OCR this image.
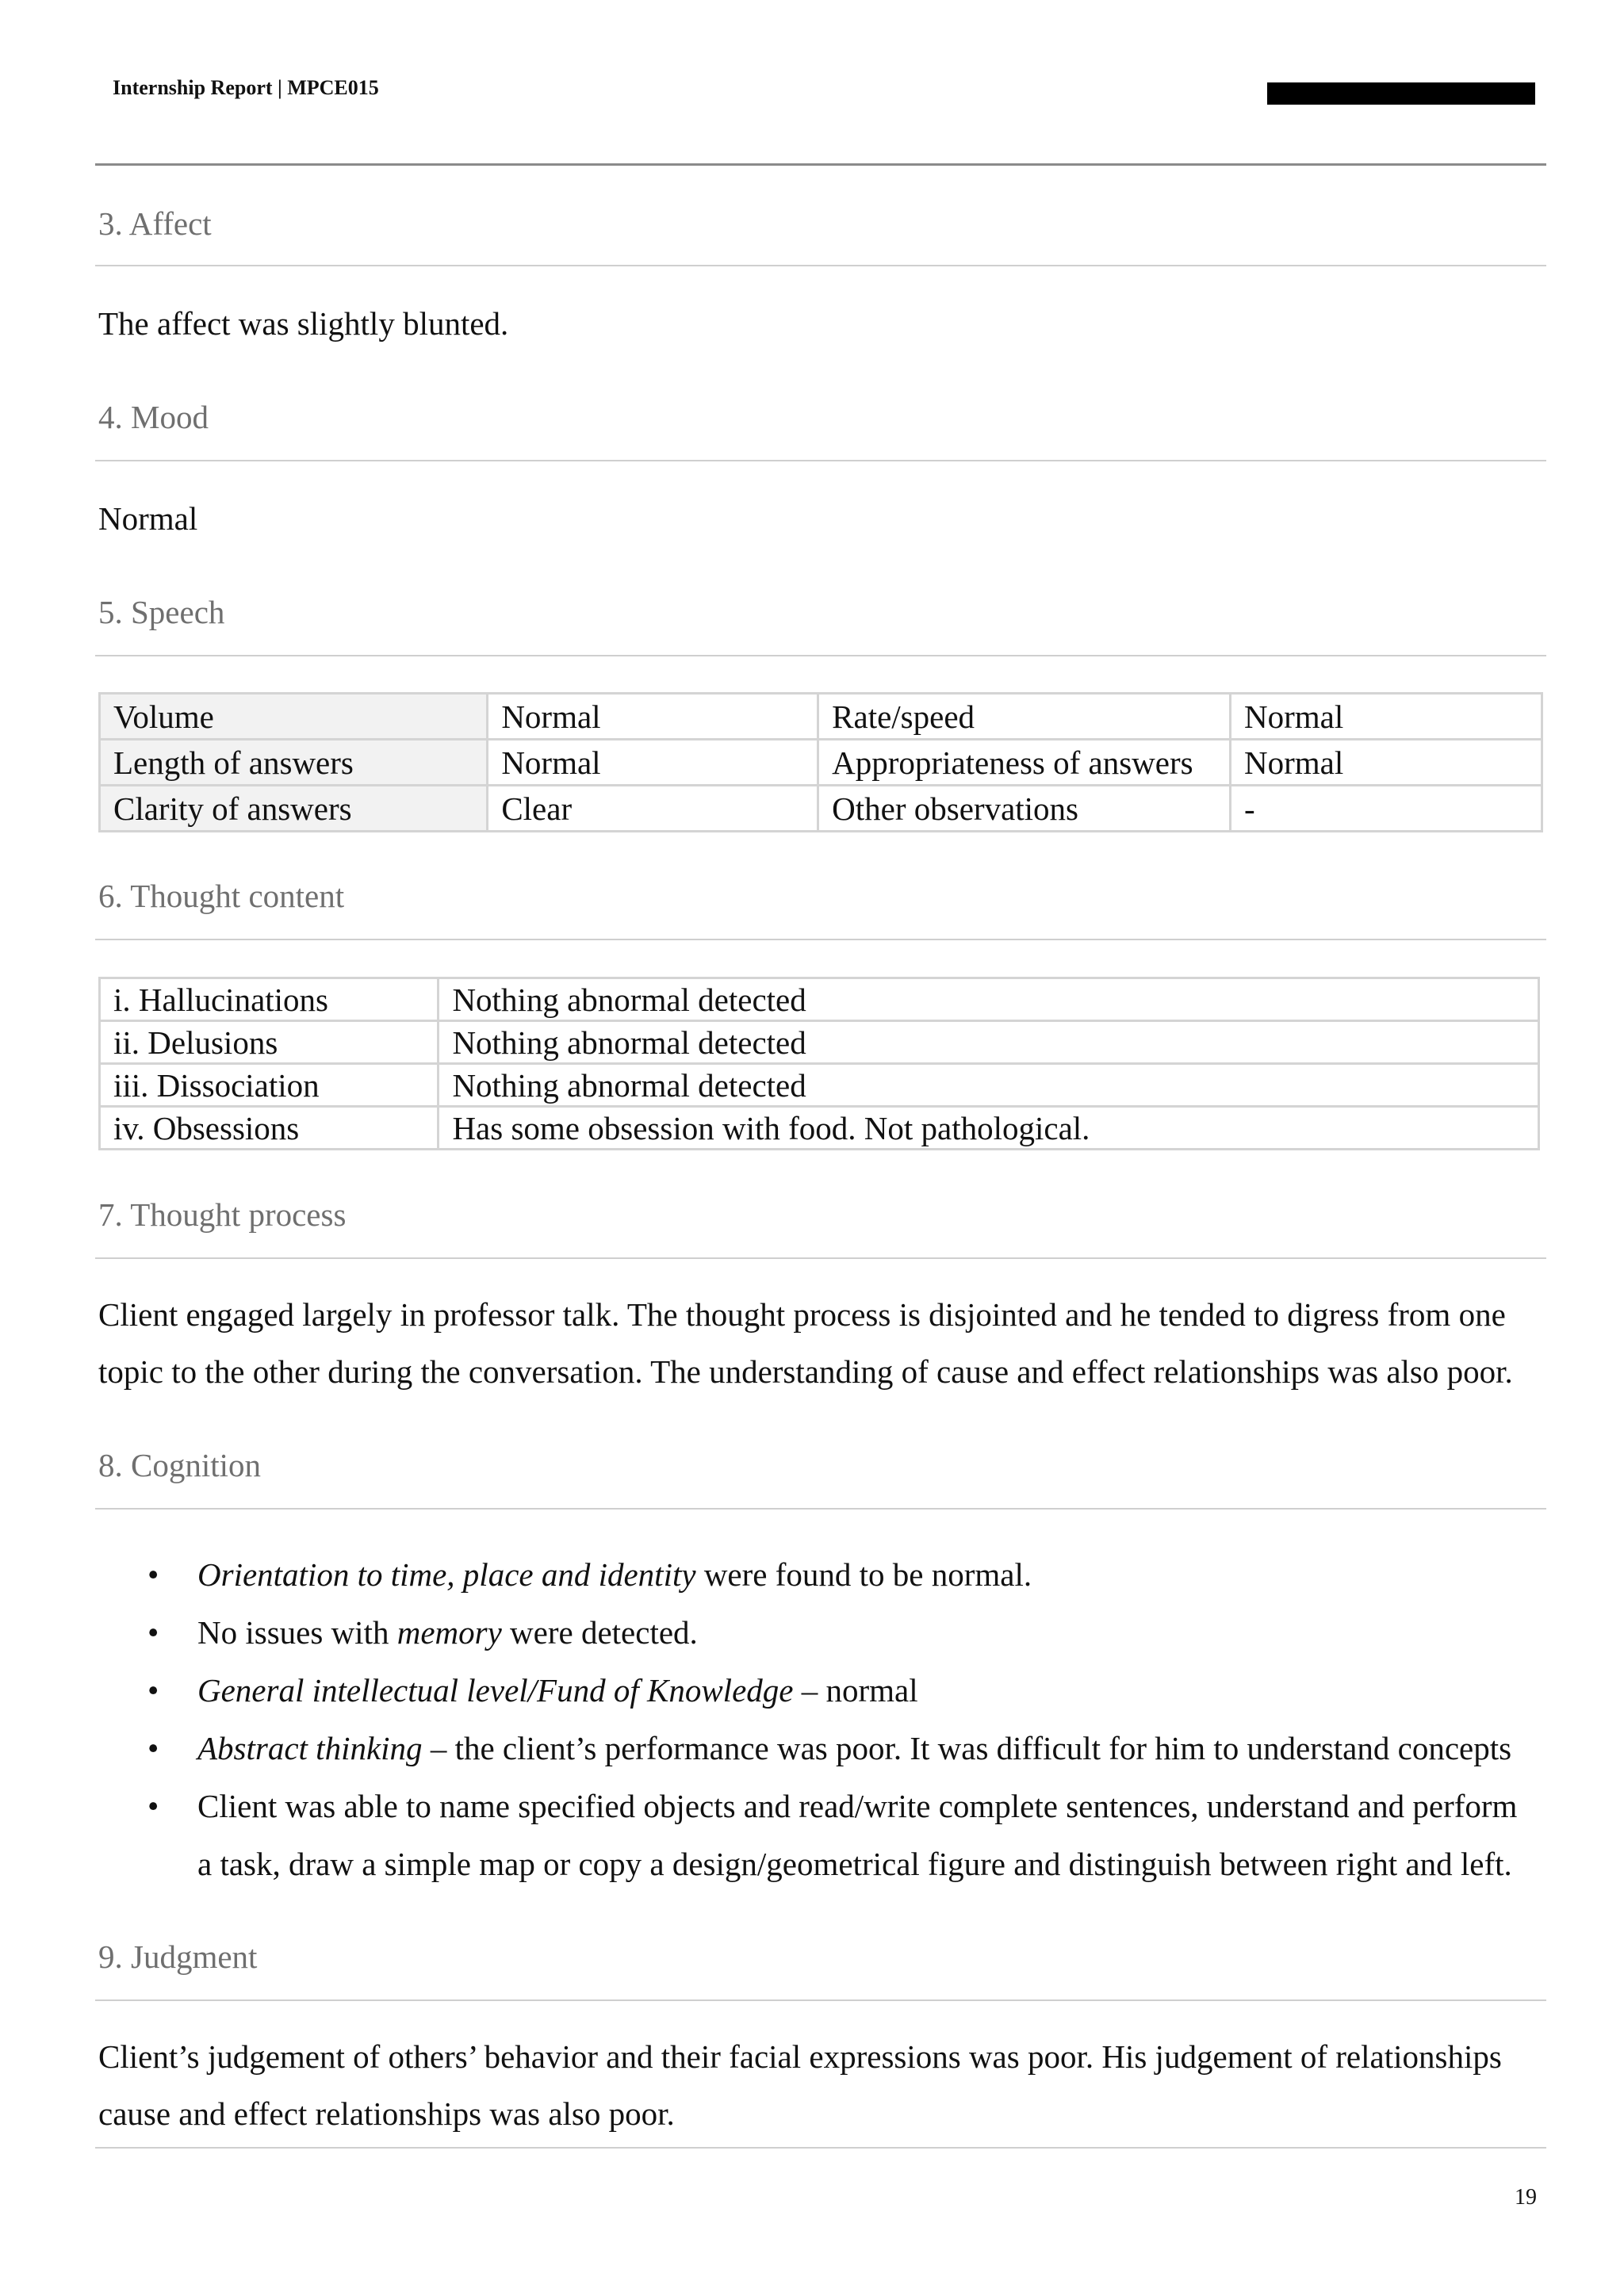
Internship Report | MPCE015
3. Affect
The affect was slightly blunted.
4. Mood
Normal
5. Speech
Volume	Normal	Rate/speed	Normal
Length of answers	Normal	Appropriateness of answers	Normal
Clarity of answers	Clear	Other observations	-
6. Thought content
i. Hallucinations	Nothing abnormal detected
ii. Delusions	Nothing abnormal detected
iii. Dissociation	Nothing abnormal detected
iv. Obsessions	Has some obsession with food. Not pathological.
7. Thought process
Client engaged largely in professor talk. The thought process is disjointed and he tended to digress from one
topic to the other during the conversation. The understanding of cause and effect relationships was also poor.
8. Cognition
• Orientation to time, place and identity were found to be normal.
• No issues with memory were detected.
• General intellectual level/Fund of Knowledge – normal
• Abstract thinking – the client’s performance was poor. It was difficult for him to understand concepts
• Client was able to name specified objects and read/write complete sentences, understand and perform
a task, draw a simple map or copy a design/geometrical figure and distinguish between right and left.
9. Judgment
Client’s judgement of others’ behavior and their facial expressions was poor. His judgement of relationships
cause and effect relationships was also poor.
19
